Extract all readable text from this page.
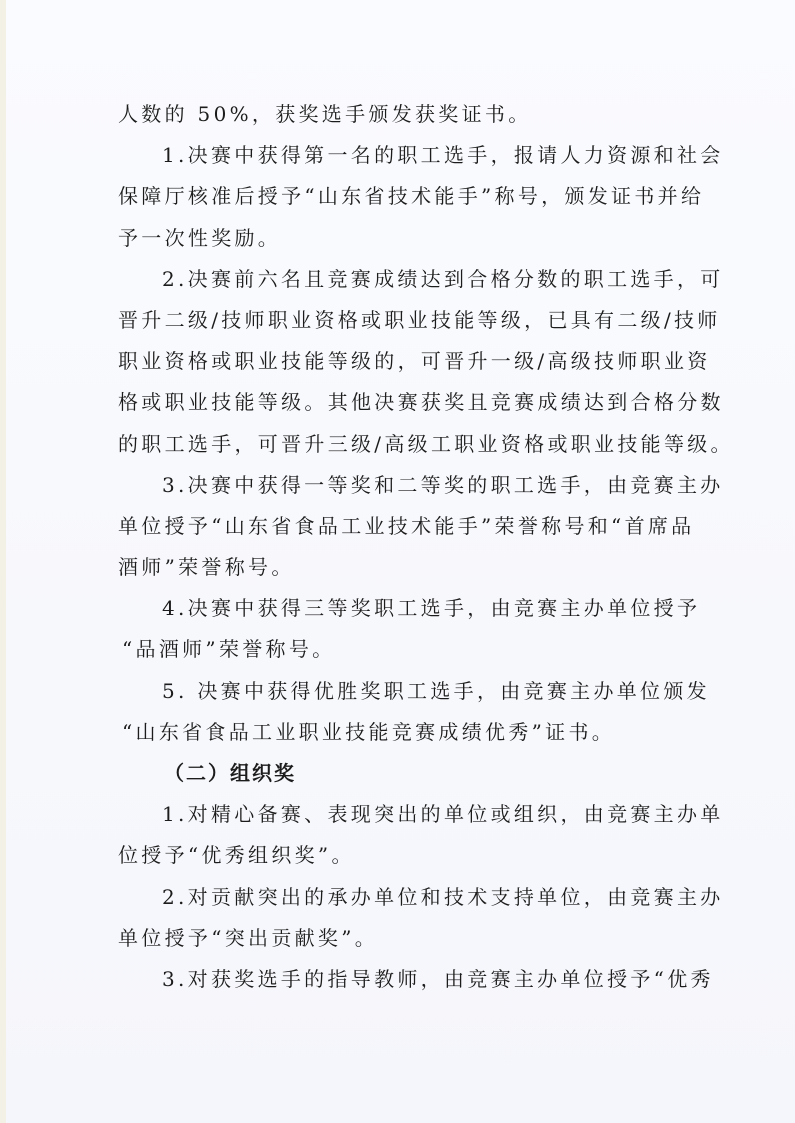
人数的 50%，获奖选手颁发获奖证书。
1.决赛中获得第一名的职工选手，报请人力资源和社会
保障厅核准后授予“山东省技术能手”称号，颁发证书并给
予一次性奖励。
2.决赛前六名且竞赛成绩达到合格分数的职工选手，可
晋升二级/技师职业资格或职业技能等级，已具有二级/技师
职业资格或职业技能等级的，可晋升一级/高级技师职业资
格或职业技能等级。其他决赛获奖且竞赛成绩达到合格分数
的职工选手，可晋升三级/高级工职业资格或职业技能等级。
3.决赛中获得一等奖和二等奖的职工选手，由竞赛主办
单位授予“山东省食品工业技术能手”荣誉称号和“首席品
酒师”荣誉称号。
4.决赛中获得三等奖职工选手，由竞赛主办单位授予
“品酒师”荣誉称号。
5. 决赛中获得优胜奖职工选手，由竞赛主办单位颁发
“山东省食品工业职业技能竞赛成绩优秀”证书。
（二）组织奖
1.对精心备赛、表现突出的单位或组织，由竞赛主办单
位授予“优秀组织奖”。
2.对贡献突出的承办单位和技术支持单位，由竞赛主办
单位授予“突出贡献奖”。
3.对获奖选手的指导教师，由竞赛主办单位授予“优秀
